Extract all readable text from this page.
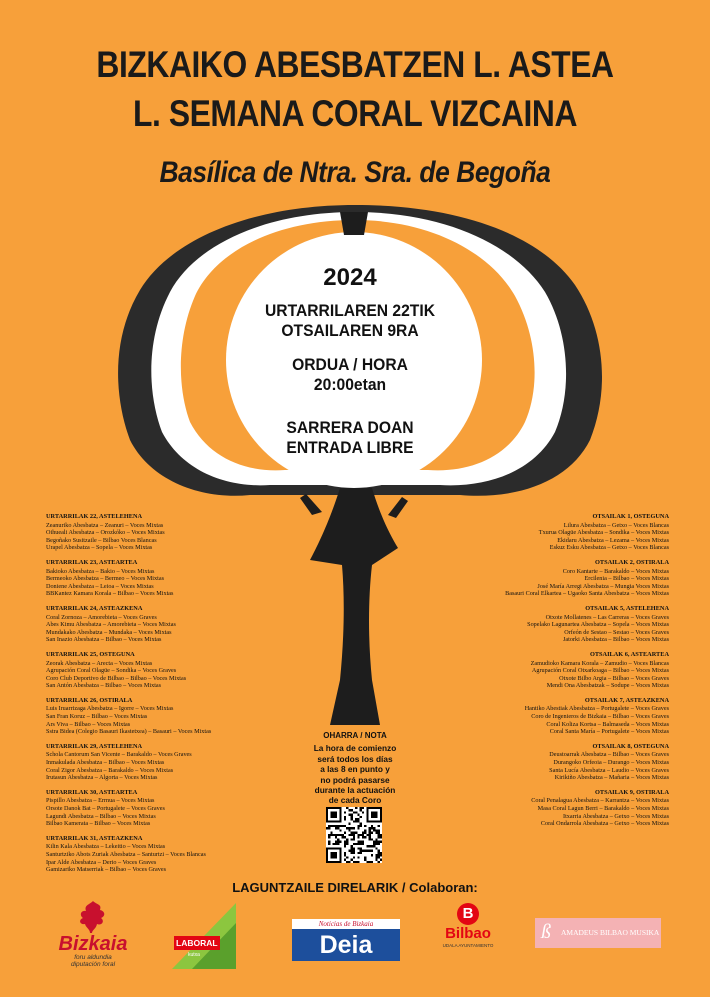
BIZKAIKO ABESBATZEN L. ASTEA
L. SEMANA CORAL VIZCAINA
Basílica de Ntra. Sra. de Begoña
2024
URTARRILAREN 22TIK
OTSAILAREN 9RA
ORDUA / HORA
20:00etan
SARRERA DOAN
ENTRADA LIBRE
URTARRILAK 22, ASTELEHENA
Zeanuriko Abesbatza – Zeanuri – Voces Mixtas
Oihueali Abesbatza – Orozkóko – Voces Mixtas
Begoñako Susitzaile – Bilbao Voces Blancas
Urapel Abesbatza – Sopela – Voces Mixtas
URTARRILAK 23, ASTEARTEA
Bakioko Abesbatza – Bakio – Voces Mixtas
Bermeoko Abesbatza – Bermeo – Voces Mixtas
Doniene Abesbatza – Leioa – Voces Mixtas
BBKantez Kamara Korala – Bilbao – Voces Mixtas
URTARRILAK 24, ASTEAZKENA
Coral Zornoza – Amorebieta – Voces Graves
Abes Kimu Abesbatza – Amorebieta – Voces Mixtas
Mundakako Abesbatza – Mundaka – Voces Mixtas
San Inazio Abesbatza – Bilbao – Voces Mixtas
URTARRILAK 25, OSTEGUNA
Zeorak Abesbatza – Arecta – Voces Mixtas
Agrupación Coral Olagüe – Sondika – Voces Graves
Coro Club Deportivo de Bilbao – Bilbao – Voces Mixtas
San Antón Abesbatza – Bilbao – Voces Mixtas
URTARRILAK 26, OSTIRALA
Luis Iruarrizaga Abesbatza – Igorre – Voces Mixtas
San Fran Koruz – Bilbao – Voces Mixtas
Ars Viva – Bilbao – Voces Mixtas
Sstra Bidea (Colegio Basauri Ikastetxea) – Basauri – Voces Mixtas
URTARRILAK 29, ASTELEHENA
Schola Cantorum San Vicente – Barakaldo – Voces Graves
Inmakulada Abesbatza – Bilbao – Voces Mixtas
Coral Zigor Abesbatza – Barakaldo – Voces Mixtas
Irutasun Abesbatza – Algorta – Voces Mixtas
URTARRILAK 30, ASTEARTEA
Pispillo Abesbatza – Errnua – Voces Mixtas
Orsote Danok Bat – Portugalete – Voces Graves
Lagundi Abesbatza – Bilbao – Voces Mixtas
Bilbao Kamerata – Bilbao – Voces Mixtas
URTARRILAK 31, ASTEAZKENA
Kilin Kala Abesbatza – Lekeitio – Voces Mixtas
Santurtziko Abots Zuriak Abesbatza – Santurtzi – Voces Blancas
Ipar Alde Abesbatza – Derio – Voces Graves
Gamizariko Matserriak – Bilbao – Voces Graves
OTSAILAK 1, OSTEGUNA
Lilura Abesbatza – Getxo – Voces Blancas
Txurua Olagüe Abesbatza – Sondika – Voces Mixtas
Ekidaru Abesbatza – Lezama – Voces Mixtas
Eskuz Esku Abesbatza – Getxo – Voces Blancas
OTSAILAK 2, OSTIRALA
Coro Kantarte – Barakaldo – Voces Mixtas
Ercilenia – Bilbao – Voces Mixtas
José María Arregi Abesbatza – Mungia Voces Mixtas
Basauri Coral Elkartea – Ugaoko Santa Abesbatza – Voces Mixtas
OTSAILAK 5, ASTELEHENA
Otxote Mollatenes – Las Carreras – Voces Graves
Sopelako Lagunartea Abesbatza – Sopela – Voces Mixtas
Orfeón de Sestao – Sestao – Voces Graves
Jatorki Abesbatza – Bilbao – Voces Mixtas
OTSAILAK 6, ASTEARTEA
Zamudioko Kamara Korala – Zamudio – Voces Blancas
Agrupación Coral Otxarkoaga – Bilbao – Voces Mixtas
Otxote Bilbo Argia – Bilbao – Voces Graves
Mendi Ona Abesbatzak – Sodupe – Voces Mixtas
OTSAILAK 7, ASTEAZKENA
Hantiko Abestiak Abesbatza – Portugalete – Voces Graves
Coro de Ingenieros de Bizkaia – Bilbao – Voces Graves
Coral Koliza Kortsa – Balmaseda – Voces Mixtas
Coral Santa María – Portugalete – Voces Mixtas
OTSAILAK 8, OSTEGUNA
Deustoarrak Abesbatza – Bilbao – Voces Graves
Durangoko Orfeoia – Durango – Voces Mixtas
Santa Lucía Abesbatza – Laudio – Voces Graves
Kirikiño Abesbatza – Mañaria – Voces Mixtas
OTSAILAK 9, OSTIRALA
Coral Penalagua Abesbatza – Karrantza – Voces Mixtas
Masa Coral Lagun Berri – Barakaldo – Voces Mixtas
Itxarria Abesbatza – Getxo – Voces Mixtas
Coral Ondarrola Abesbatza – Getxo – Voces Mixtas
OHARRA / NOTA
La hora de comienzo
será todos los días
a las 8 en punto y
no podrá pasarse
durante la actuación
de cada Coro
LAGUNTZAILE DIRELARIK / Colaboran:
Bizkaia
foru aldundia
diputación foral
LABORAL
kutxa
Noticias de Bizkaia
Deia
B
Bilbao
UDALA AYUNTAMIENTO
ß AMADEUS BILBAO MUSIKA
